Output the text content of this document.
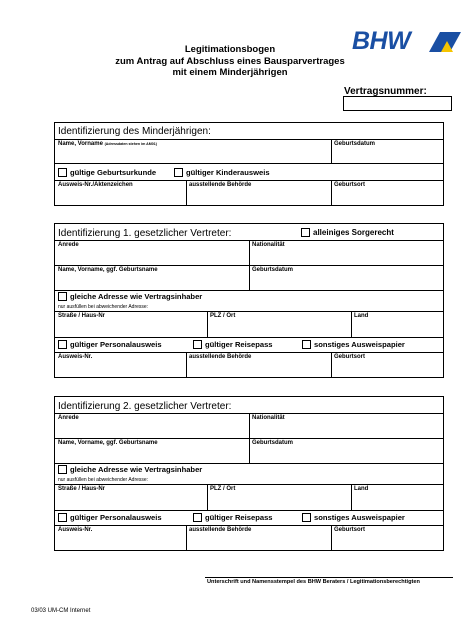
BHW
Legitimationsbogen
zum Antrag auf Abschluss eines Bausparvertrages
mit einem Minderjährigen
Vertragsnummer:
Identifizierung des Minderjährigen:
Name, Vorname (Adressdaten stehen im AM01)	Geburtsdatum
gültige Geburtsurkunde	gültiger Kinderausweis
Ausweis-Nr./Aktenzeichen	ausstellende Behörde	Geburtsort
Identifizierung 1. gesetzlicher Vertreter:	alleiniges Sorgerecht
Anrede	Nationalität
Name, Vorname, ggf. Geburtsname	Geburtsdatum
gleiche Adresse wie Vertragsinhaber
nur ausfüllen bei abweichender Adresse:
Straße / Haus-Nr	PLZ / Ort	Land
gültiger Personalausweis	gültiger Reisepass	sonstiges Ausweispapier
Ausweis-Nr.	ausstellende Behörde	Geburtsort
Identifizierung 2. gesetzlicher Vertreter:
Anrede	Nationalität
Name, Vorname, ggf. Geburtsname	Geburtsdatum
gleiche Adresse wie Vertragsinhaber
nur ausfüllen bei abweichender Adresse:
Straße / Haus-Nr	PLZ / Ort	Land
gültiger Personalausweis	gültiger Reisepass	sonstiges Ausweispapier
Ausweis-Nr.	ausstellende Behörde	Geburtsort
Unterschrift und Namensstempel des BHW Beraters / Legitimationsberechtigten
03/03 UM-CM Internet
